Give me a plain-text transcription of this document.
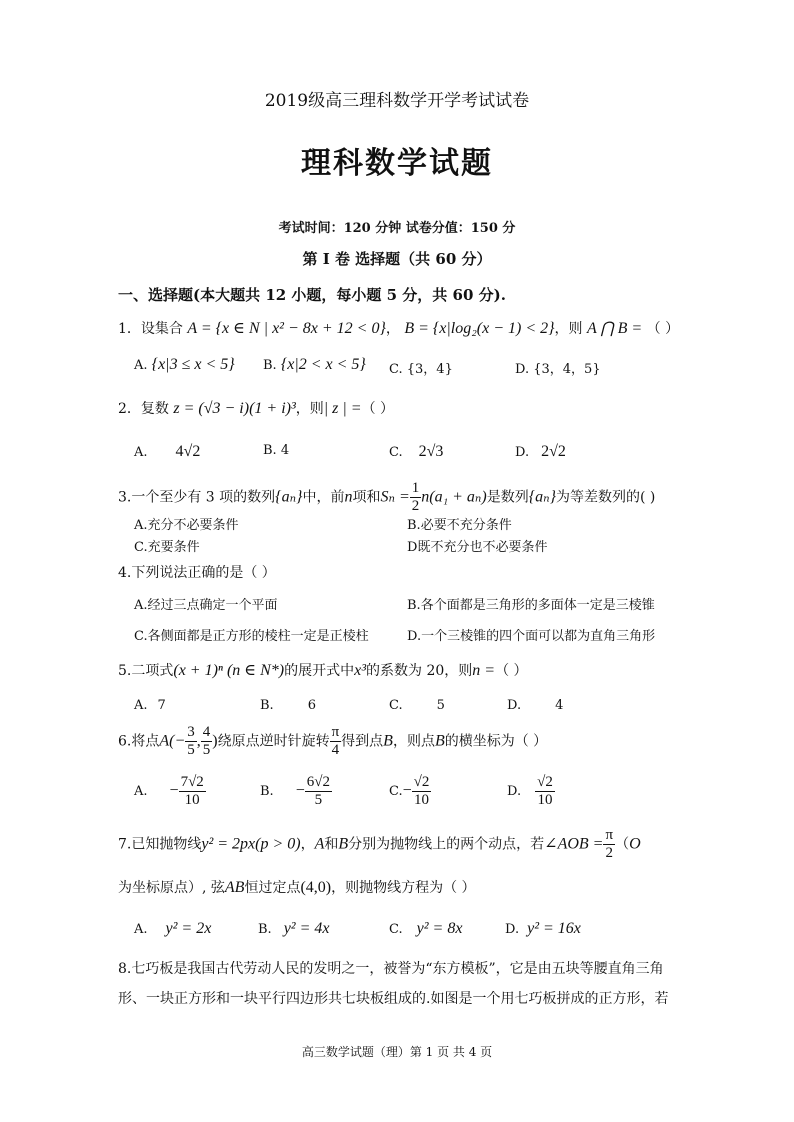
2019级高三理科数学开学考试试卷
理科数学试题
考试时间：120 分钟 试卷分值：150 分
第 I 卷 选择题（共 60 分）
一、选择题(本大题共 12 小题，每小题 5 分，共 60 分).
1．设集合 A = {x ∈ N | x² − 8x + 12 < 0}， B = {x|log₂(x − 1) < 2}，则 A ⋂ B = （ ）
A. {x|3 ≤ x < 5} B. {x|2 < x < 5} C. {3，4}	D. {3，4，5}
2．复数 z = (√3 − i)(1 + i)³，则| z | =（ ）
A. 4√2	B. 4	C. 2√3	D. 2√2
3.一个至少有 3 项的数列{aₙ}中，前n项和$S_n = \frac{1}{2} n(a_1 + a_n)$是数列{aₙ}为等差数列的( )
A.充分不必要条件	B.必要不充分条件
C.充要条件	D既不充分也不必要条件
4.下列说法正确的是（ ）
A.经过三点确定一个平面	B.各个面都是三角形的多面体一定是三棱锥
C.各侧面都是正方形的棱柱一定是正棱柱	D.一个三棱锥的四个面可以都为直角三角形
5.二项式(x + 1)ⁿ (n ∈ N*)的展开式中x³的系数为 20，则n =（ ）
A. 7	B.	6	C.	5	D.	4
6.将点$A(- \frac{3}{5}$ , $\frac{4}{5}$ )绕原点逆时针旋转 $\frac{\pi}{4}$ 得到点B，则点B的横坐标为（ ）
A. − $\frac{7√2}{10}$	B. − $\frac{6√2}{5}$	$C.- \frac{√2}{10}$	D. $\frac{√2}{10}$
7.已知抛物线y² = 2px(p > 0)，A和B分别为抛物线上的两个动点，若∠AOB = $\frac{\pi}{2} (O$
为坐标原点）, 弦AB恒过定点(4,0)，则抛物线方程为（ ）
A. y² = 2x	B. y² = 4x	C. y² = 8x	D. y² = 16x
8.七巧板是我国古代劳动人民的发明之一，被誉为“东方模板”，它是由五块等腰直角三角
形、一块正方形和一块平行四边形共七块板组成的.如图是一个用七巧板拼成的正方形，若
高三数学试题（理）第 1 页 共 4 页
